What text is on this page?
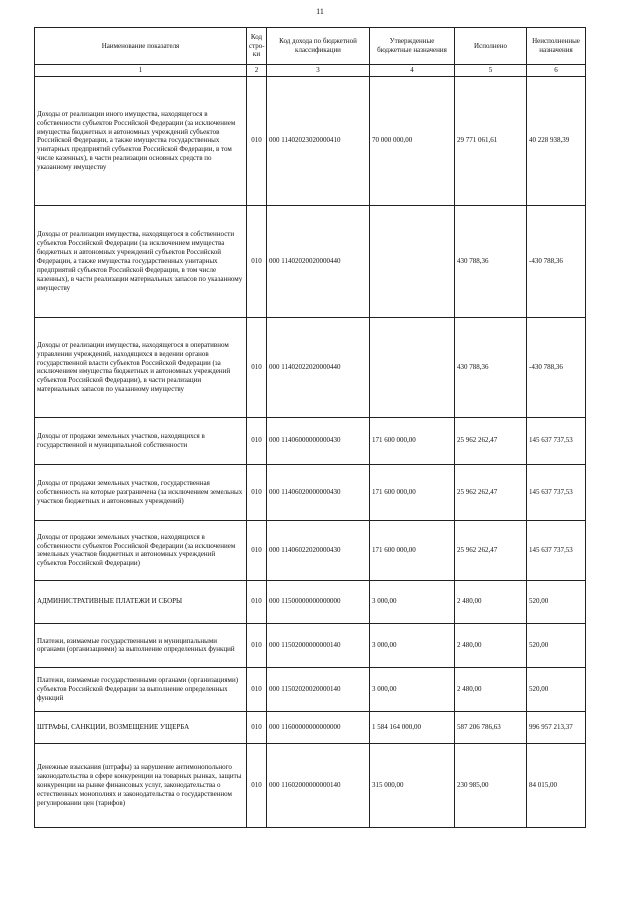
11
Наименование показателя	Код стро- ки	Код дохода по бюджетной классификации	Утвержденные бюджетные назначения	Исполнено	Неисполненные назначения
1	2	3	4	5	6
Доходы от реализации иного имущества, находящегося в собственности субъектов Российской Федерации (за исключением имущества бюджетных и автономных учреждений субъектов Российской Федерации, а также имущества государственных унитарных предприятий субъектов Российской Федерации, в том числе казенных), в части реализации основных средств по указанному имуществу	010	000 11402023020000410	70 000 000,00	29 771 061,61	40 228 938,39
Доходы от реализации имущества, находящегося в собственности субъектов Российской Федерации (за исключением имущества бюджетных и автономных учреждений субъектов Российской Федерации, а также имущества государственных унитарных предприятий субъектов Российской Федерации, в том числе казенных), в части реализации материальных запасов по указанному имуществу	010	000 11402020020000440		430 788,36	-430 788,36
Доходы от реализации имущества, находящегося в оперативном управлении учреждений, находящихся в ведении органов государственной власти субъектов Российской Федерации (за исключением имущества бюджетных и автономных учреждений субъектов Российской Федерации), в части реализации материальных запасов по указанному имуществу	010	000 11402022020000440		430 788,36	-430 788,36
Доходы от продажи земельных участков, находящихся в государственной и муниципальной собственности	010	000 11406000000000430	171 600 000,00	25 962 262,47	145 637 737,53
Доходы от продажи земельных участков, государственная собственность на которые разграничена (за исключением земельных участков бюджетных и автономных учреждений)	010	000 11406020000000430	171 600 000,00	25 962 262,47	145 637 737,53
Доходы от продажи земельных участков, находящихся в собственности субъектов Российской Федерации (за исключением земельных участков бюджетных и автономных учреждений субъектов Российской Федерации)	010	000 11406022020000430	171 600 000,00	25 962 262,47	145 637 737,53
АДМИНИСТРАТИВНЫЕ ПЛАТЕЖИ И СБОРЫ	010	000 11500000000000000	3 000,00	2 480,00	520,00
Платежи, взимаемые государственными и муниципальными органами (организациями) за выполнение определенных функций	010	000 11502000000000140	3 000,00	2 480,00	520,00
Платежи, взимаемые государственными органами (организациями) субъектов Российской Федерации за выполнение определенных функций	010	000 11502020020000140	3 000,00	2 480,00	520,00
ШТРАФЫ, САНКЦИИ, ВОЗМЕЩЕНИЕ УЩЕРБА	010	000 11600000000000000	1 584 164 000,00	587 206 786,63	996 957 213,37
Денежные взыскания (штрафы) за нарушение антимонопольного законодательства в сфере конкуренции на товарных рынках, защиты конкуренции на рынке финансовых услуг, законодательства о естественных монополиях и законодательства о государственном регулировании цен (тарифов)	010	000 11602000000000140	315 000,00	230 985,00	84 015,00
